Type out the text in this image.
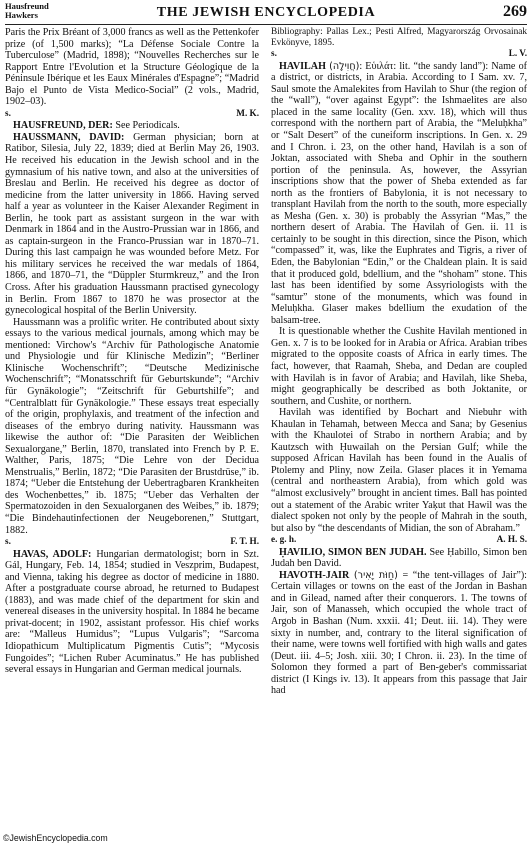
Hausfreund
Hawkers	THE JEWISH ENCYCLOPEDIA	269

Paris the Prix Bréant of 3,000 francs as well as the Pettenkofer prize (of 1,500 marks); “La Défense Sociale Contre la Tuberculose” (Madrid, 1898); “Nouvelles Recherches sur le Rapport Entre l'Evolution et la Structure Géologique de la Péninsule Ibérique et les Eaux Minérales d'Espagne”; “Madrid Bajo el Punto de Vista Medico-Social” (2 vols., Madrid, 1902–03).

s.	M. K.

HAUSFREUND, DER: See Periodicals.

HAUSSMANN, DAVID: German physician; born at Ratibor, Silesia, July 22, 1839; died at Berlin May 26, 1903. He received his education in the Jewish school and in the gymnasium of his native town, and also at the universities of Breslau and Berlin. He received his degree as doctor of medicine from the latter university in 1866. Having served half a year as volunteer in the Kaiser Alexander Regiment in Berlin, he took part as assistant surgeon in the war with Denmark in 1864 and in the Austro-Prussian war in 1866, and as captain-surgeon in the Franco-Prussian war in 1870–71. During this last campaign he was wounded before Metz. For his military services he received the war medals of 1864, 1866, and 1870–71, the “Düppler Sturmkreuz,” and the Iron Cross. After his graduation Haussmann practised gynecology in Berlin. From 1867 to 1870 he was prosector at the gynecological hospital of the Berlin University.

Haussmann was a prolific writer. He contributed about sixty essays to the various medical journals, among which may be mentioned: Virchow's “Archiv für Pathologische Anatomie und Physiologie und für Klinische Medizin”; “Berliner Klinische Wochenschrift”; “Deutsche Medizinische Wochenschrift”; “Monatsschrift für Geburtskunde”; “Archiv für Gynäkologie”; “Zeitschrift für Geburtshilfe”; and “Centralblatt für Gynäkologie.” These essays treat especially of the origin, prophylaxis, and treatment of the infection and diseases of the embryo during nativity. Haussmann was likewise the author of: “Die Parasiten der Weiblichen Sexualorgane,” Berlin, 1870, translated into French by P. E. Walther, Paris, 1875; “Die Lehre von der Decidua Menstrualis,” Berlin, 1872; “Die Parasiten der Brustdrüse,” ib. 1874; “Ueber die Entstehung der Uebertragbaren Krankheiten des Wochenbettes,” ib. 1875; “Ueber das Verhalten der Spermatozoiden in den Sexualorganen des Weibes,” ib. 1879; “Die Bindehautinfectionen der Neugeborenen,” Stuttgart, 1882.

s.	F. T. H.

HAVAS, ADOLF: Hungarian dermatologist; born in Szt. Gál, Hungary, Feb. 14, 1854; studied in Veszprim, Budapest, and Vienna, taking his degree as doctor of medicine in 1880. After a postgraduate course abroad, he returned to Budapest (1883), and was made chief of the department for skin and venereal diseases in the university hospital. In 1884 he became privat-docent; in 1902, assistant professor. His chief works are: “Malleus Humidus”; “Lupus Vulgaris”; “Sarcoma Idiopathicum Multiplicatum Pigmentis Cutis”; “Mycosis Fungoides”; “Lichen Ruber Acuminatus.” He has published several essays in Hungarian and German medical journals.

Bibliography: Pallas Lex.; Pesti Alfred, Magyarország Orvosainak Evkönyve, 1895.

s.	L. V.

HAVILAH (חֲוִילָה): Eὑιλάτ: lit. “the sandy land”): Name of a district, or districts, in Arabia. According to I Sam. xv. 7, Saul smote the Amalekites from Havilah to Shur (the region of the “wall”), “over against Egypt”: the Ishmaelites are also placed in the same locality (Gen. xxv. 18), which will thus correspond with the northern part of Arabia, the “Meluḥkha” or “Salt Desert” of the cuneiform inscriptions. In Gen. x. 29 and I Chron. i. 23, on the other hand, Havilah is a son of Joktan, associated with Sheba and Ophir in the southern portion of the peninsula. As, however, the Assyrian inscriptions show that the power of Sheba extended as far north as the frontiers of Babylonia, it is not necessary to transplant Havilah from the north to the south, more especially as Mesha (Gen. x. 30) is probably the Assyrian “Mas,” the northern desert of Arabia. The Havilah of Gen. ii. 11 is certainly to be sought in this direction, since the Pison, which “compassed” it, was, like the Euphrates and Tigris, a river of Eden, the Babylonian “Edin,” or the Chaldean plain. It is said that it produced gold, bdellium, and the “shoham” stone. This last has been identified by some Assyriologists with the “samtur” stone of the monuments, which was found in Meluḥkha. Glaser makes bdellium the exudation of the balsam-tree.

It is questionable whether the Cushite Havilah mentioned in Gen. x. 7 is to be looked for in Arabia or Africa. Arabian tribes migrated to the opposite coasts of Africa in early times. The fact, however, that Raamah, Sheba, and Dedan are coupled with Havilah is in favor of Arabia; and Havilah, like Sheba, might geographically be described as both Joktanite, or southern, and Cushite, or northern.

Havilah was identified by Bochart and Niebuhr with Khaulan in Tehamah, between Mecca and Sana; by Gesenius with the Khaulotei of Strabo in northern Arabia; and by Kautzsch with Ḥuwailah on the Persian Gulf; while the supposed African Havilah has been found in the Aualis of Ptolemy and Pliny, now Zeila. Glaser places it in Yemama (central and northeastern Arabia), from which gold was “almost exclusively” brought in ancient times. Ball has pointed out a statement of the Arabic writer Yaḳut that Hawil was the dialect spoken not only by the people of Mahrah in the south, but also by “the descendants of Midian, the son of Abraham.”

e. g. h.	A. H. S.

ḤAVILIO, SIMON BEN JUDAH. See Ḥabillo, Simon ben Judah ben David.

HAVOTH-JAIR (חַוֹּת יָאִיר) = “the tent-villages of Jair”): Certain villages or towns on the east of the Jordan in Bashan and in Gilead, named after their conquerors. 1. The towns of Jair, son of Manasseh, which occupied the whole tract of Argob in Bashan (Num. xxxii. 41; Deut. iii. 14). They were sixty in number, and, contrary to the literal signification of their name, were towns well fortified with high walls and gates (Deut. iii. 4–5; Josh. xiii. 30; I Chron. ii. 23). In the time of Solomon they formed a part of Ben-geber's commissariat district (I Kings iv. 13). It appears from this passage that Jair had

©JewishEncyclopedia.com
